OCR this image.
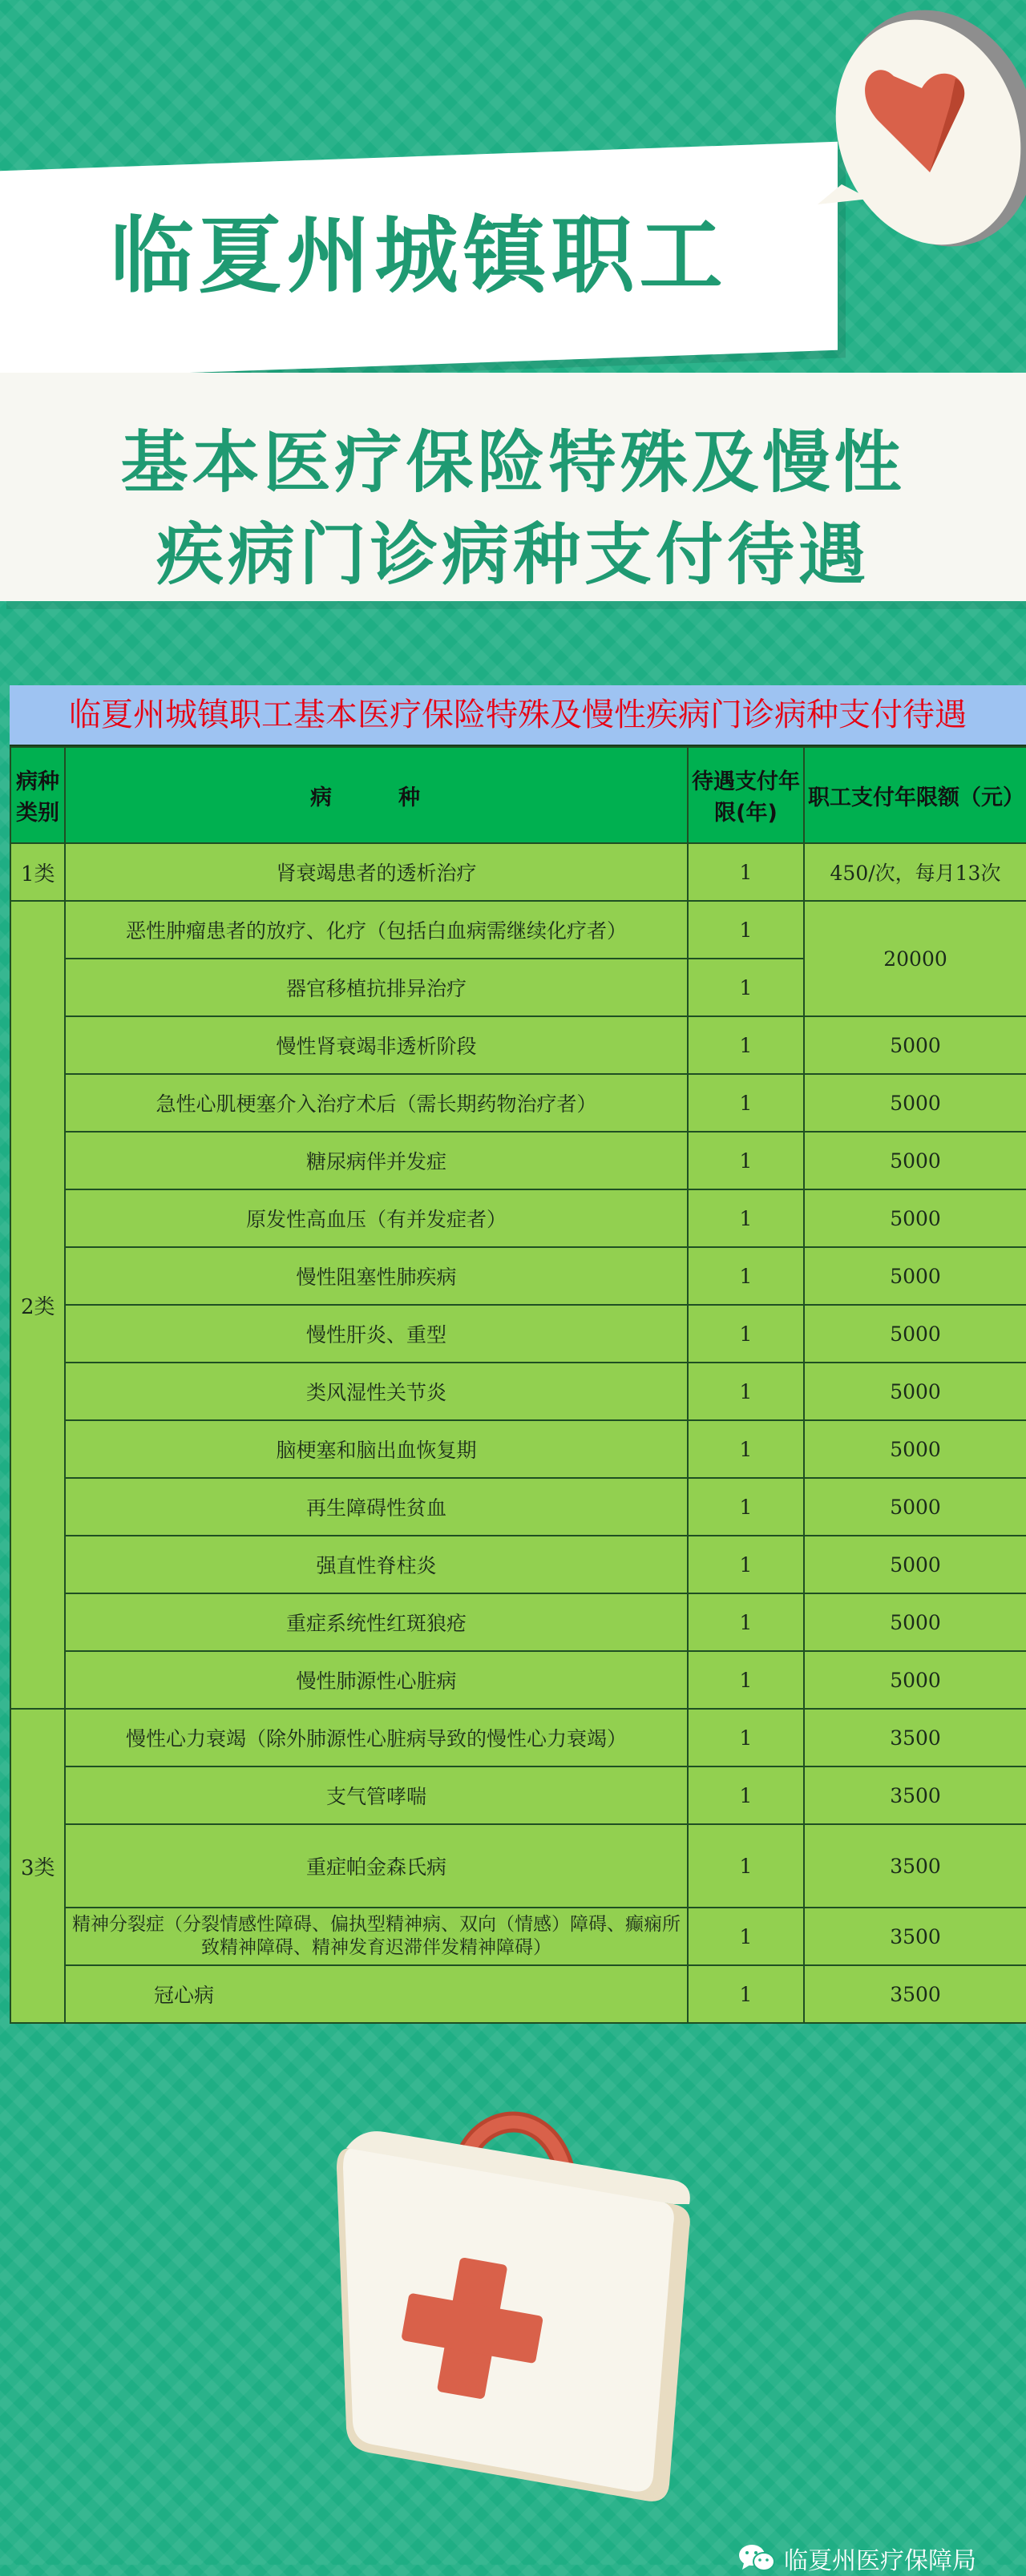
临夏州城镇职工
基本医疗保险特殊及慢性
疾病门诊病种支付待遇
临夏州城镇职工基本医疗保险特殊及慢性疾病门诊病种支付待遇
病种类别	病　种	待遇支付年限(年)	职工支付年限额（元）
1类	肾衰竭患者的透析治疗	1	450/次，每月13次
2类	恶性肿瘤患者的放疗、化疗（包括白血病需继续化疗者）	1	20000
	器官移植抗排异治疗	1	
	慢性肾衰竭非透析阶段	1	5000
	急性心肌梗塞介入治疗术后（需长期药物治疗者）	1	5000
	糖尿病伴并发症	1	5000
	原发性高血压（有并发症者）	1	5000
	慢性阻塞性肺疾病	1	5000
	慢性肝炎、重型	1	5000
	类风湿性关节炎	1	5000
	脑梗塞和脑出血恢复期	1	5000
	再生障碍性贫血	1	5000
	强直性脊柱炎	1	5000
	重症系统性红斑狼疮	1	5000
	慢性肺源性心脏病	1	5000
3类	慢性心力衰竭（除外肺源性心脏病导致的慢性心力衰竭）	1	3500
	支气管哮喘	1	3500
	重症帕金森氏病	1	3500
	精神分裂症（分裂情感性障碍、偏执型精神病、双向（情感）障碍、癫痫所致精神障碍、精神发育迟滞伴发精神障碍）	1	3500
	冠心病	1	3500
临夏州医疗保障局
